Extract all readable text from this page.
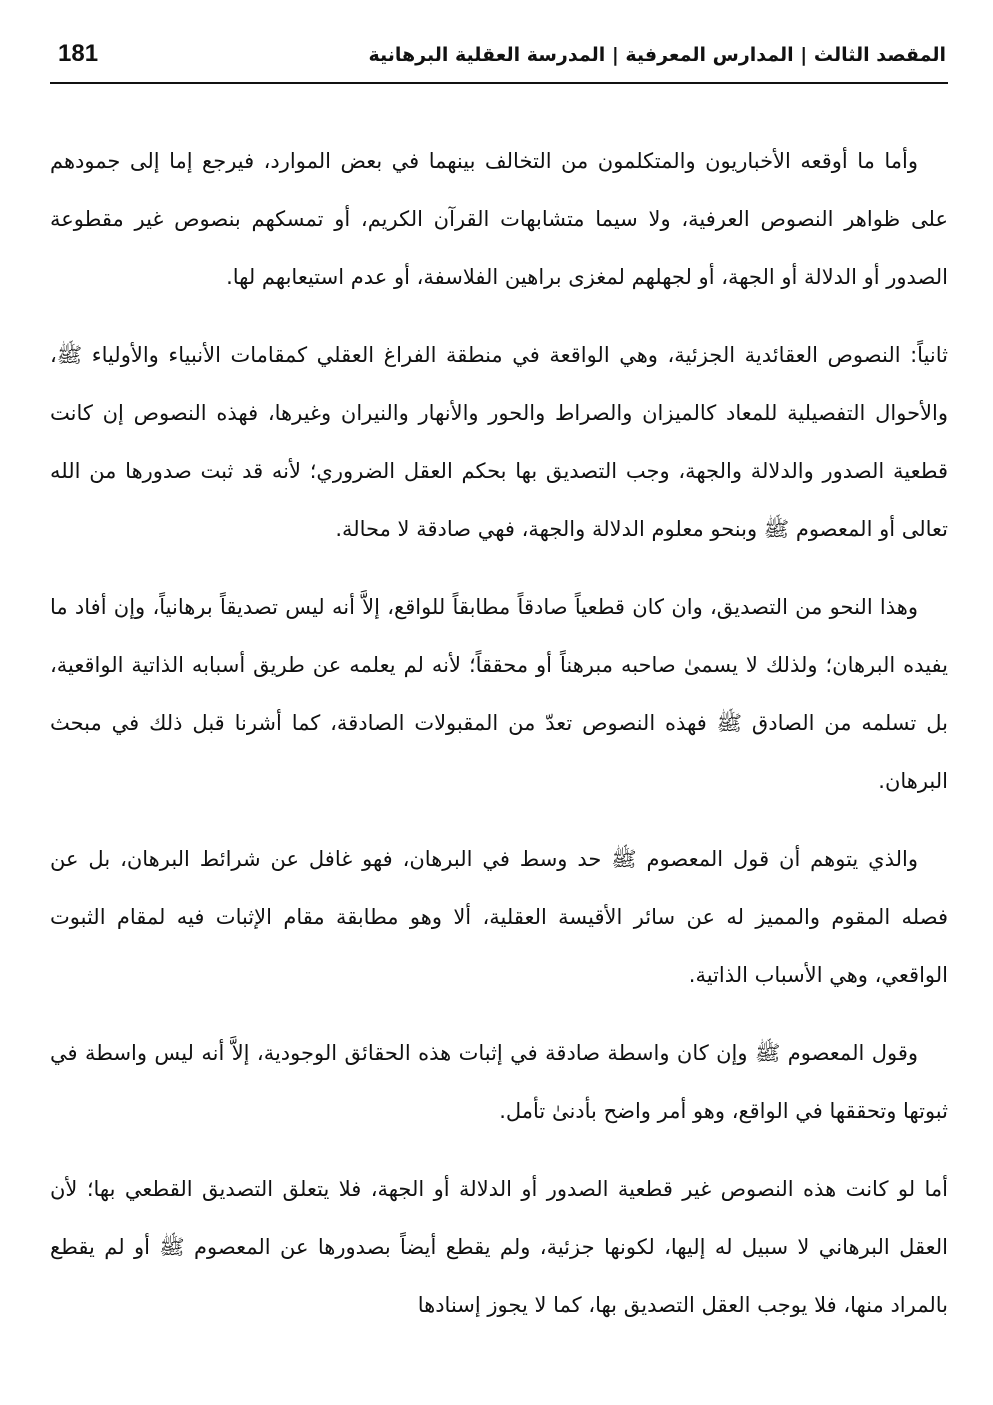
181	المقصد الثالث | المدارس المعرفية | المدرسة العقلية البرهانية

وأما ما أوقعه الأخباريون والمتكلمون من التخالف بينهما في بعض الموارد، فيرجع إما إلى جمودهم على ظواهر النصوص العرفية، ولا سيما متشابهات القرآن الكريم، أو تمسكهم بنصوص غير مقطوعة الصدور أو الدلالة أو الجهة، أو لجهلهم لمغزى براهين الفلاسفة، أو عدم استيعابهم لها.

ثانياً: النصوص العقائدية الجزئية، وهي الواقعة في منطقة الفراغ العقلي كمقامات الأنبياء والأولياء ﷺ، والأحوال التفصيلية للمعاد كالميزان والصراط والحور والأنهار والنيران وغيرها، فهذه النصوص إن كانت قطعية الصدور والدلالة والجهة، وجب التصديق بها بحكم العقل الضروري؛ لأنه قد ثبت صدورها من الله تعالى أو المعصوم ﷺ وبنحو معلوم الدلالة والجهة، فهي صادقة لا محالة.

وهذا النحو من التصديق، وان كان قطعياً صادقاً مطابقاً للواقع، إلاَّ أنه ليس تصديقاً برهانياً، وإن أفاد ما يفيده البرهان؛ ولذلك لا يسمىٰ صاحبه مبرهناً أو محققاً؛ لأنه لم يعلمه عن طريق أسبابه الذاتية الواقعية، بل تسلمه من الصادق ﷺ فهذه النصوص تعدّ من المقبولات الصادقة، كما أشرنا قبل ذلك في مبحث البرهان.

والذي يتوهم أن قول المعصوم ﷺ حد وسط في البرهان، فهو غافل عن شرائط البرهان، بل عن فصله المقوم والمميز له عن سائر الأقيسة العقلية، ألا وهو مطابقة مقام الإثبات فيه لمقام الثبوت الواقعي، وهي الأسباب الذاتية.

وقول المعصوم ﷺ وإن كان واسطة صادقة في إثبات هذه الحقائق الوجودية، إلاَّ أنه ليس واسطة في ثبوتها وتحققها في الواقع، وهو أمر واضح بأدنىٰ تأمل.

أما لو كانت هذه النصوص غير قطعية الصدور أو الدلالة أو الجهة، فلا يتعلق التصديق القطعي بها؛ لأن العقل البرهاني لا سبيل له إليها، لكونها جزئية، ولم يقطع أيضاً بصدورها عن المعصوم ﷺ أو لم يقطع بالمراد منها، فلا يوجب العقل التصديق بها، كما لا يجوز إسنادها
